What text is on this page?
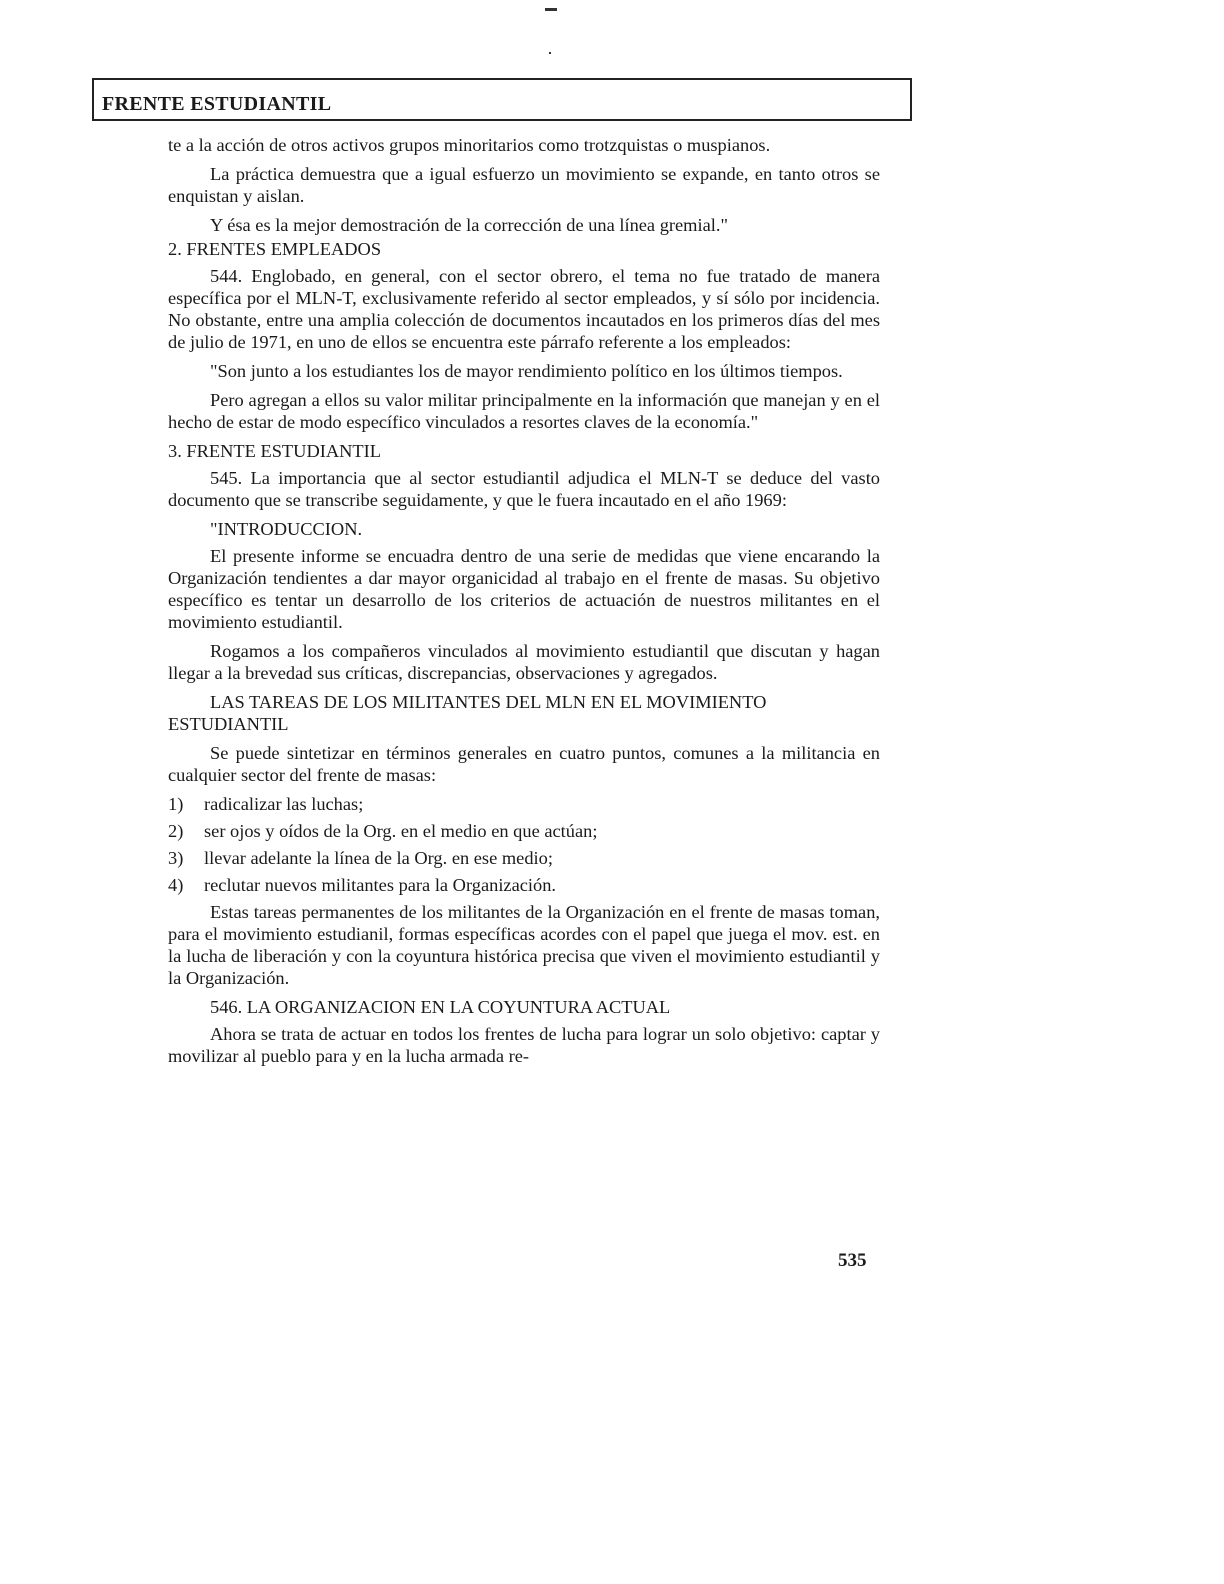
FRENTE ESTUDIANTIL

te a la acción de otros activos grupos minoritarios como trotzquistas o muspianos.

La práctica demuestra que a igual esfuerzo un movimiento se expande, en tanto otros se enquistan y aislan.

Y ésa es la mejor demostración de la corrección de una línea gremial."

2. FRENTES EMPLEADOS

544. Englobado, en general, con el sector obrero, el tema no fue tratado de manera específica por el MLN-T, exclusivamente referido al sector empleados, y sí sólo por incidencia. No obstante, entre una amplia colección de documentos incautados en los primeros días del mes de julio de 1971, en uno de ellos se encuentra este párrafo referente a los empleados:

"Son junto a los estudiantes los de mayor rendimiento político en los últimos tiempos.

Pero agregan a ellos su valor militar principalmente en la información que manejan y en el hecho de estar de modo específico vinculados a resortes claves de la economía."

3. FRENTE ESTUDIANTIL

545. La importancia que al sector estudiantil adjudica el MLN-T se deduce del vasto documento que se transcribe seguidamente, y que le fuera incautado en el año 1969:

"INTRODUCCION.

El presente informe se encuadra dentro de una serie de medidas que viene encarando la Organización tendientes a dar mayor organicidad al trabajo en el frente de masas. Su objetivo específico es tentar un desarrollo de los criterios de actuación de nuestros militantes en el movimiento estudiantil.

Rogamos a los compañeros vinculados al movimiento estudiantil que discutan y hagan llegar a la brevedad sus críticas, discrepancias, observaciones y agregados.

LAS TAREAS DE LOS MILITANTES DEL MLN EN EL MOVIMIENTO ESTUDIANTIL

Se puede sintetizar en términos generales en cuatro puntos, comunes a la militancia en cualquier sector del frente de masas:

1)	radicalizar las luchas;
2)	ser ojos y oídos de la Org. en el medio en que actúan;
3)	llevar adelante la línea de la Org. en ese medio;
4)	reclutar nuevos militantes para la Organización.

Estas tareas permanentes de los militantes de la Organización en el frente de masas toman, para el movimiento estudianil, formas específicas acordes con el papel que juega el mov. est. en la lucha de liberación y con la coyuntura histórica precisa que viven el movimiento estudiantil y la Organización.

546. LA ORGANIZACION EN LA COYUNTURA ACTUAL

Ahora se trata de actuar en todos los frentes de lucha para lograr un solo objetivo: captar y movilizar al pueblo para y en la lucha armada re-

535
